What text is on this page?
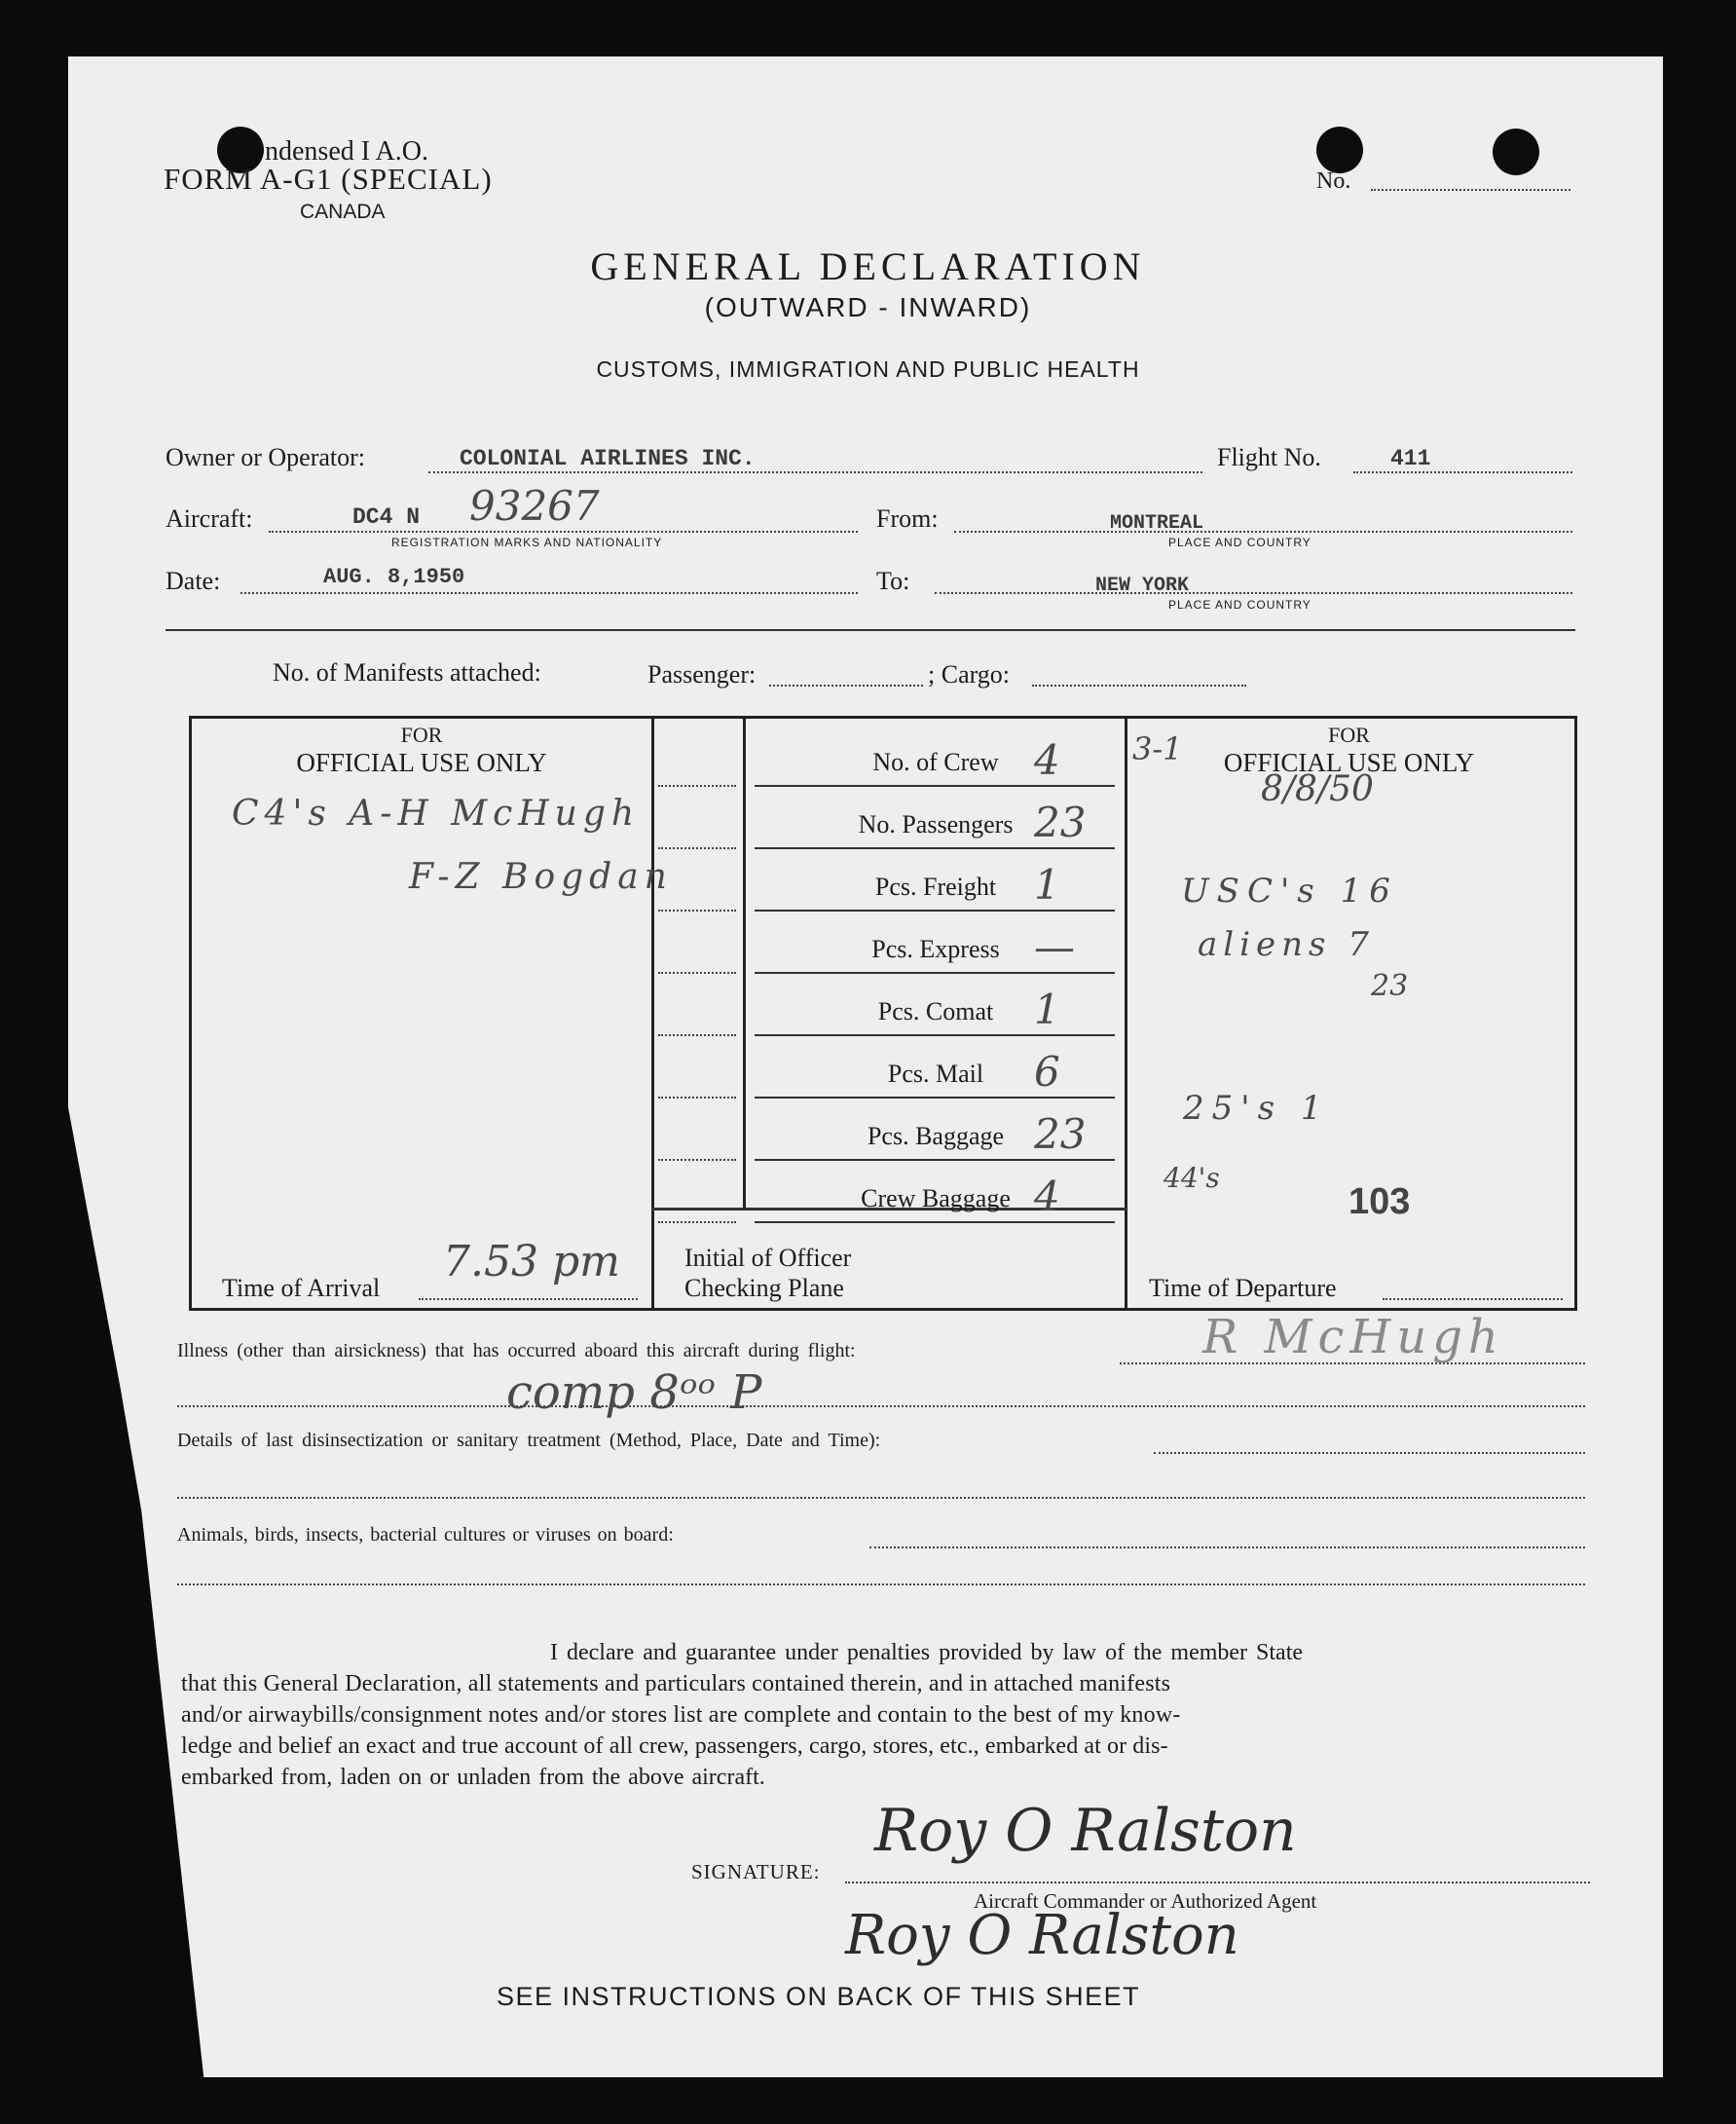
ndensed I A.O.
FORM A-G1 (SPECIAL)
CANADA
No.
GENERAL DECLARATION
(OUTWARD - INWARD)
CUSTOMS, IMMIGRATION AND PUBLIC HEALTH
Owner or Operator:	COLONIAL AIRLINES INC.	Flight No.	411
Aircraft:	DC4 N 93267
REGISTRATION MARKS AND NATIONALITY
From:	MONTREAL
PLACE AND COUNTRY
Date:	AUG. 8,1950	To:	NEW YORK
PLACE AND COUNTRY
No. of Manifests attached:	Passenger:	; Cargo:
FOR
OFFICIAL USE ONLY
C4's A-H McHugh
F-Z Bogdan
FOR
OFFICIAL USE ONLY
3-1
8/8/50
USC's 16
aliens 7
23
25's 1
44's
103
No. of Crew 4
No. Passengers 23
Pcs. Freight 1
Pcs. Express —
Pcs. Comat 1
Pcs. Mail	6
Pcs. Baggage 23
Crew Baggage 4
Time of Arrival
7.53 pm	Initial of Officer
Checking Plane	Time of Departure
Illness (other than airsickness) that has occurred aboard this aircraft during flight:
comp 8ᵒᵒ P
R McHugh
Details of last disinsectization or sanitary treatment (Method, Place, Date and Time):
Animals, birds, insects, bacterial cultures or viruses on board:
I declare and guarantee under penalties provided by law of the member State
that this General Declaration, all statements and particulars contained therein, and in attached manifests
and/or airwaybills/consignment notes and/or stores list are complete and contain to the best of my know-
ledge and belief an exact and true account of all crew, passengers, cargo, stores, etc., embarked at or dis-
embarked from, laden on or unladen from the above aircraft.
SIGNATURE:
Roy O Ralston
Aircraft Commander or Authorized Agent
Roy O Ralston
SEE INSTRUCTIONS ON BACK OF THIS SHEET
